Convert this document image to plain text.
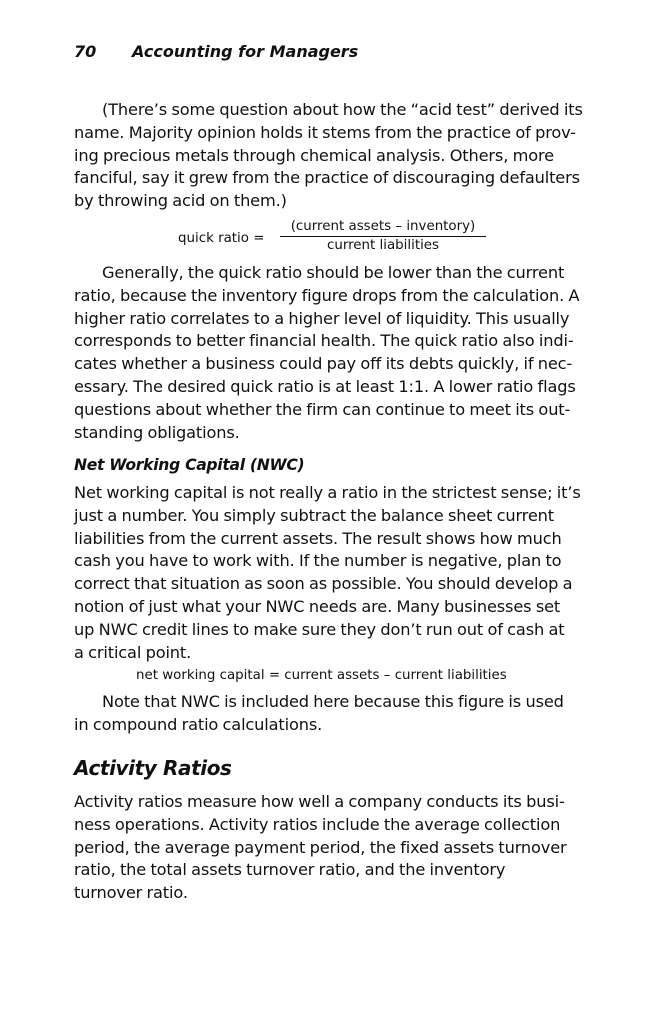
70 Accounting for Managers
(There’s some question about how the “acid test” derived its
name. Majority opinion holds it stems from the practice of prov-
ing precious metals through chemical analysis. Others, more
fanciful, say it grew from the practice of discouraging defaulters
by throwing acid on them.)
quick ratio =
(current assets – inventory)
current liabilities
Generally, the quick ratio should be lower than the current
ratio, because the inventory figure drops from the calculation. A
higher ratio correlates to a higher level of liquidity. This usually
corresponds to better financial health. The quick ratio also indi-
cates whether a business could pay off its debts quickly, if nec-
essary. The desired quick ratio is at least 1:1. A lower ratio flags
questions about whether the firm can continue to meet its out-
standing obligations.
Net Working Capital (NWC)
Net working capital is not really a ratio in the strictest sense; it’s
just a number. You simply subtract the balance sheet current
liabilities from the current assets. The result shows how much
cash you have to work with. If the number is negative, plan to
correct that situation as soon as possible. You should develop a
notion of just what your NWC needs are. Many businesses set
up NWC credit lines to make sure they don’t run out of cash at
a critical point.
net working capital = current assets – current liabilities
Note that NWC is included here because this figure is used
in compound ratio calculations.
Activity Ratios
Activity ratios measure how well a company conducts its busi-
ness operations. Activity ratios include the average collection
period, the average payment period, the fixed assets turnover
ratio, the total assets turnover ratio, and the inventory
turnover ratio.
